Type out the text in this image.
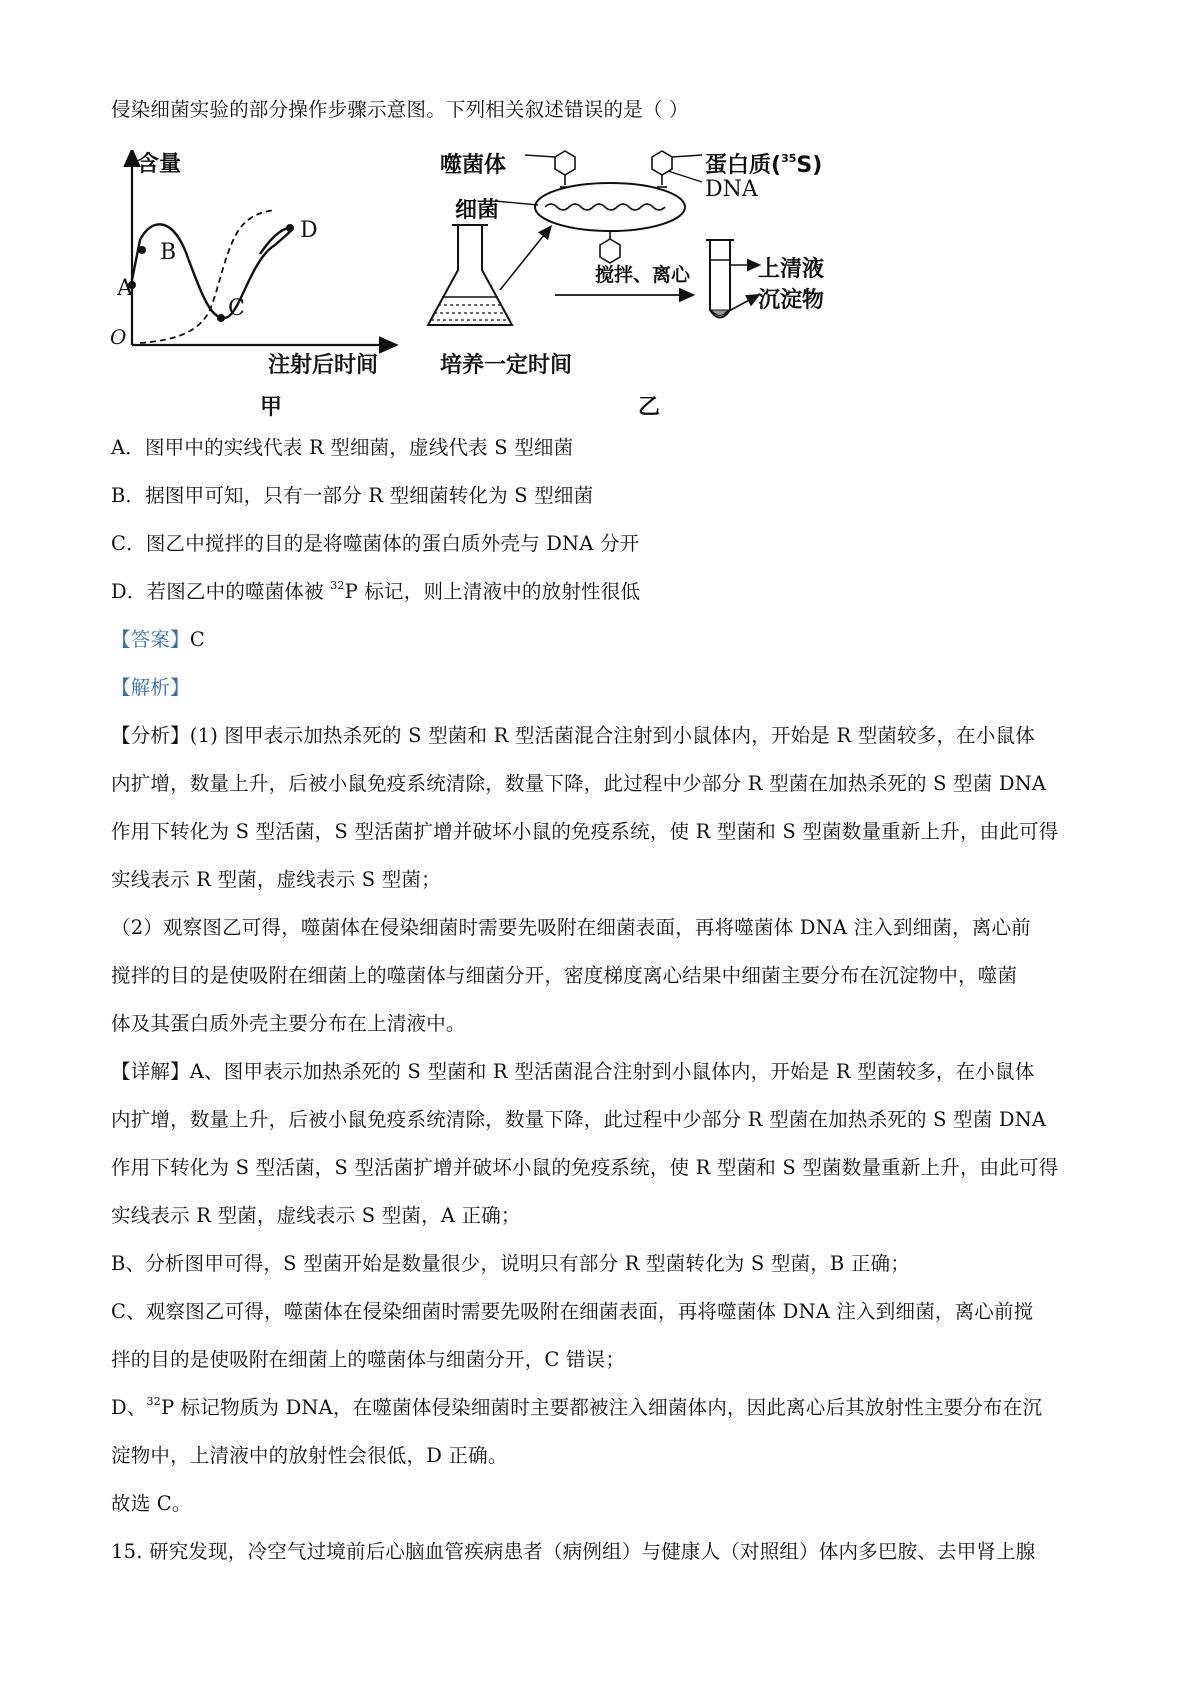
侵染细菌实验的部分操作步骤示意图。下列相关叙述错误的是（ ）
含量
O
A
B
C
D
注射后时间
甲
噬菌体
细菌
蛋白质($^{35}$S)
DNA
搅拌、离心	上清液
沉淀物
培养一定时间
乙
A．图甲中的实线代表 R 型细菌，虚线代表 S 型细菌
B．据图甲可知，只有一部分 R 型细菌转化为 S 型细菌
C．图乙中搅拌的目的是将噬菌体的蛋白质外壳与 DNA 分开
D．若图乙中的噬菌体被 $^{32}$P 标记，则上清液中的放射性很低
【答案】C
【解析】
【分析】(1) 图甲表示加热杀死的 S 型菌和 R 型活菌混合注射到小鼠体内，开始是 R 型菌较多，在小鼠体
内扩增，数量上升，后被小鼠免疫系统清除，数量下降，此过程中少部分 R 型菌在加热杀死的 S 型菌 DNA
作用下转化为 S 型活菌，S 型活菌扩增并破坏小鼠的免疫系统，使 R 型菌和 S 型菌数量重新上升，由此可得
实线表示 R 型菌，虚线表示 S 型菌；
（2）观察图乙可得，噬菌体在侵染细菌时需要先吸附在细菌表面，再将噬菌体 DNA 注入到细菌，离心前
搅拌的目的是使吸附在细菌上的噬菌体与细菌分开，密度梯度离心结果中细菌主要分布在沉淀物中，噬菌
体及其蛋白质外壳主要分布在上清液中。
【详解】A、图甲表示加热杀死的 S 型菌和 R 型活菌混合注射到小鼠体内，开始是 R 型菌较多，在小鼠体
内扩增，数量上升，后被小鼠免疫系统清除，数量下降，此过程中少部分 R 型菌在加热杀死的 S 型菌 DNA
作用下转化为 S 型活菌，S 型活菌扩增并破坏小鼠的免疫系统，使 R 型菌和 S 型菌数量重新上升，由此可得
实线表示 R 型菌，虚线表示 S 型菌，A 正确；
B、分析图甲可得，S 型菌开始是数量很少，说明只有部分 R 型菌转化为 S 型菌，B 正确；
C、观察图乙可得，噬菌体在侵染细菌时需要先吸附在细菌表面，再将噬菌体 DNA 注入到细菌，离心前搅
拌的目的是使吸附在细菌上的噬菌体与细菌分开，C 错误；
D、$^{32}$P 标记物质为 DNA，在噬菌体侵染细菌时主要都被注入细菌体内，因此离心后其放射性主要分布在沉
淀物中，上清液中的放射性会很低，D 正确。
故选 C。
15. 研究发现，冷空气过境前后心脑血管疾病患者（病例组）与健康人（对照组）体内多巴胺、去甲肾上腺
